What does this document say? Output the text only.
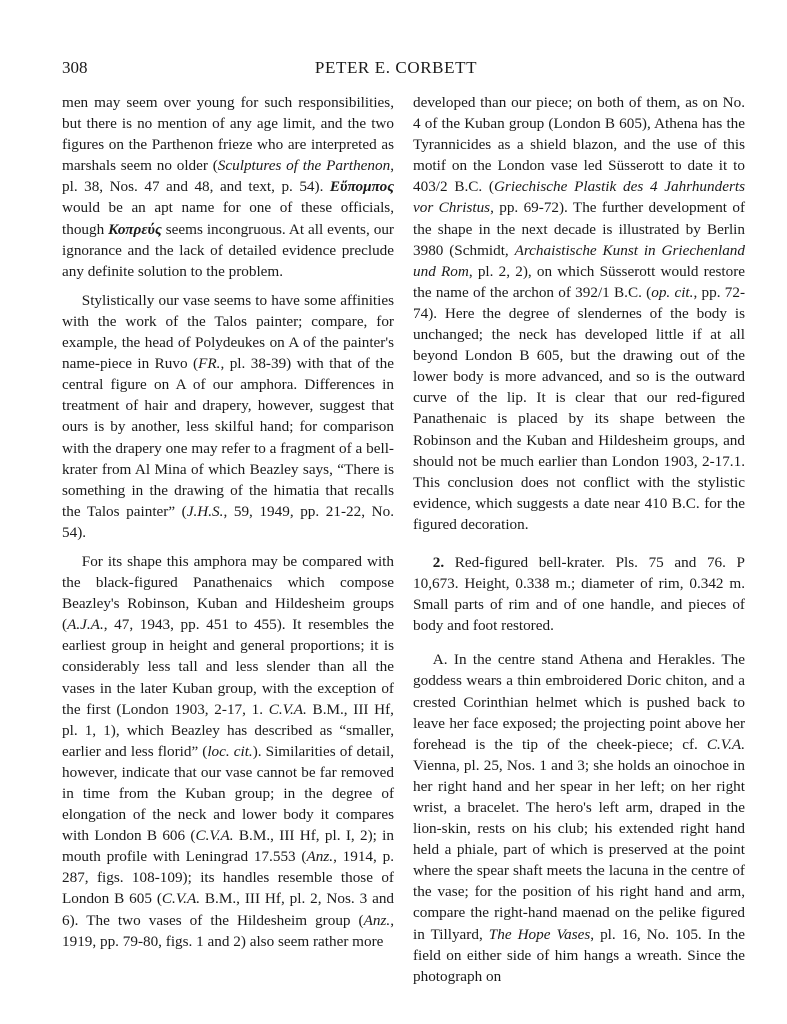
308	PETER E. CORBETT

men may seem over young for such responsibilities, but there is no mention of any age limit, and the two figures on the Parthenon frieze who are interpreted as marshals seem no older (Sculptures of the Parthenon, pl. 38, Nos. 47 and 48, and text, p. 54). Εὔπομπος would be an apt name for one of these officials, though Κοπρεύς seems incongruous. At all events, our ignorance and the lack of detailed evidence preclude any definite solution to the problem.

Stylistically our vase seems to have some affinities with the work of the Talos painter; compare, for example, the head of Polydeukes on A of the painter's name-piece in Ruvo (FR., pl. 38-39) with that of the central figure on A of our amphora. Differences in treatment of hair and drapery, however, suggest that ours is by another, less skilful hand; for comparison with the drapery one may refer to a fragment of a bell-krater from Al Mina of which Beazley says, “There is something in the drawing of the himatia that recalls the Talos painter” (J.H.S., 59, 1949, pp. 21-22, No. 54).

For its shape this amphora may be compared with the black-figured Panathenaics which compose Beazley's Robinson, Kuban and Hildesheim groups (A.J.A., 47, 1943, pp. 451 to 455). It resembles the earliest group in height and general proportions; it is considerably less tall and less slender than all the vases in the later Kuban group, with the exception of the first (London 1903, 2-17, 1. C.V.A. B.M., III Hf, pl. 1, 1), which Beazley has described as “smaller, earlier and less florid” (loc. cit.). Similarities of detail, however, indicate that our vase cannot be far removed in time from the Kuban group; in the degree of elongation of the neck and lower body it compares with London B 606 (C.V.A. B.M., III Hf, pl. I, 2); in mouth profile with Leningrad 17.553 (Anz., 1914, p. 287, figs. 108-109); its handles resemble those of London B 605 (C.V.A. B.M., III Hf, pl. 2, Nos. 3 and 6). The two vases of the Hildesheim group (Anz., 1919, pp. 79-80, figs. 1 and 2) also seem rather more

developed than our piece; on both of them, as on No. 4 of the Kuban group (London B 605), Athena has the Tyrannicides as a shield blazon, and the use of this motif on the London vase led Süsserott to date it to 403/2 B.C. (Griechische Plastik des 4 Jahrhunderts vor Christus, pp. 69-72). The further development of the shape in the next decade is illustrated by Berlin 3980 (Schmidt, Archaistische Kunst in Griechenland und Rom, pl. 2, 2), on which Süsserott would restore the name of the archon of 392/1 B.C. (op. cit., pp. 72-74). Here the degree of slendernes of the body is unchanged; the neck has developed little if at all beyond London B 605, but the drawing out of the lower body is more advanced, and so is the outward curve of the lip. It is clear that our red-figured Panathenaic is placed by its shape between the Robinson and the Kuban and Hildesheim groups, and should not be much earlier than London 1903, 2-17.1. This conclusion does not conflict with the stylistic evidence, which suggests a date near 410 B.C. for the figured decoration.

2. Red-figured bell-krater. Pls. 75 and 76. P 10,673. Height, 0.338 m.; diameter of rim, 0.342 m. Small parts of rim and of one handle, and pieces of body and foot restored.

A. In the centre stand Athena and Herakles. The goddess wears a thin embroidered Doric chiton, and a crested Corinthian helmet which is pushed back to leave her face exposed; the projecting point above her forehead is the tip of the cheek-piece; cf. C.V.A. Vienna, pl. 25, Nos. 1 and 3; she holds an oinochoe in her right hand and her spear in her left; on her right wrist, a bracelet. The hero's left arm, draped in the lion-skin, rests on his club; his extended right hand held a phiale, part of which is preserved at the point where the spear shaft meets the lacuna in the centre of the vase; for the position of his right hand and arm, compare the right-hand maenad on the pelike figured in Tillyard, The Hope Vases, pl. 16, No. 105. In the field on either side of him hangs a wreath. Since the photograph on
